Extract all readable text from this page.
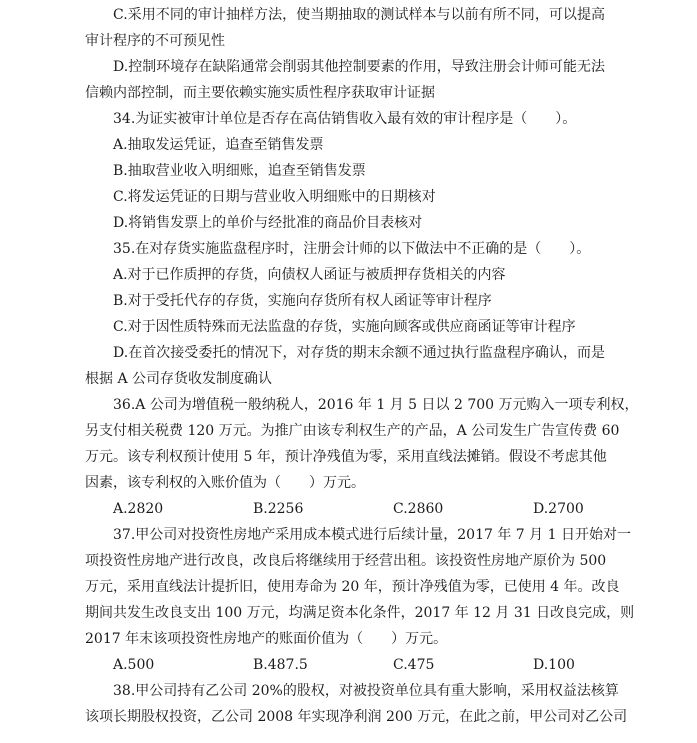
C.采用不同的审计抽样方法，使当期抽取的测试样本与以前有所不同，可以提高
审计程序的不可预见性
D.控制环境存在缺陷通常会削弱其他控制要素的作用，导致注册会计师可能无法
信赖内部控制，而主要依赖实施实质性程序获取审计证据
34.为证实被审计单位是否存在高估销售收入最有效的审计程序是（　　）。
A.抽取发运凭证，追查至销售发票
B.抽取营业收入明细账，追查至销售发票
C.将发运凭证的日期与营业收入明细账中的日期核对
D.将销售发票上的单价与经批准的商品价目表核对
35.在对存货实施监盘程序时，注册会计师的以下做法中不正确的是（　　）。
A.对于已作质押的存货，向债权人函证与被质押存货相关的内容
B.对于受托代存的存货，实施向存货所有权人函证等审计程序
C.对于因性质特殊而无法监盘的存货，实施向顾客或供应商函证等审计程序
D.在首次接受委托的情况下，对存货的期末余额不通过执行监盘程序确认，而是
根据 A 公司存货收发制度确认
36.A 公司为增值税一般纳税人，2016 年 1 月 5 日以 2 700 万元购入一项专利权，
另支付相关税费 120 万元。为推广由该专利权生产的产品，A 公司发生广告宣传费 60
万元。该专利权预计使用 5 年，预计净残值为零，采用直线法摊销。假设不考虑其他
因素，该专利权的入账价值为（　　）万元。
A.2820	B.2256	C.2860	D.2700
37.甲公司对投资性房地产采用成本模式进行后续计量，2017 年 7 月 1 日开始对一
项投资性房地产进行改良，改良后将继续用于经营出租。该投资性房地产原价为 500
万元，采用直线法计提折旧，使用寿命为 20 年，预计净残值为零，已使用 4 年。改良
期间共发生改良支出 100 万元，均满足资本化条件，2017 年 12 月 31 日改良完成，则
2017 年末该项投资性房地产的账面价值为（　　）万元。
A.500	B.487.5	C.475	D.100
38.甲公司持有乙公司 20%的股权，对被投资单位具有重大影响，采用权益法核算
该项长期股权投资，乙公司 2008 年实现净利润 200 万元，在此之前，甲公司对乙公司
